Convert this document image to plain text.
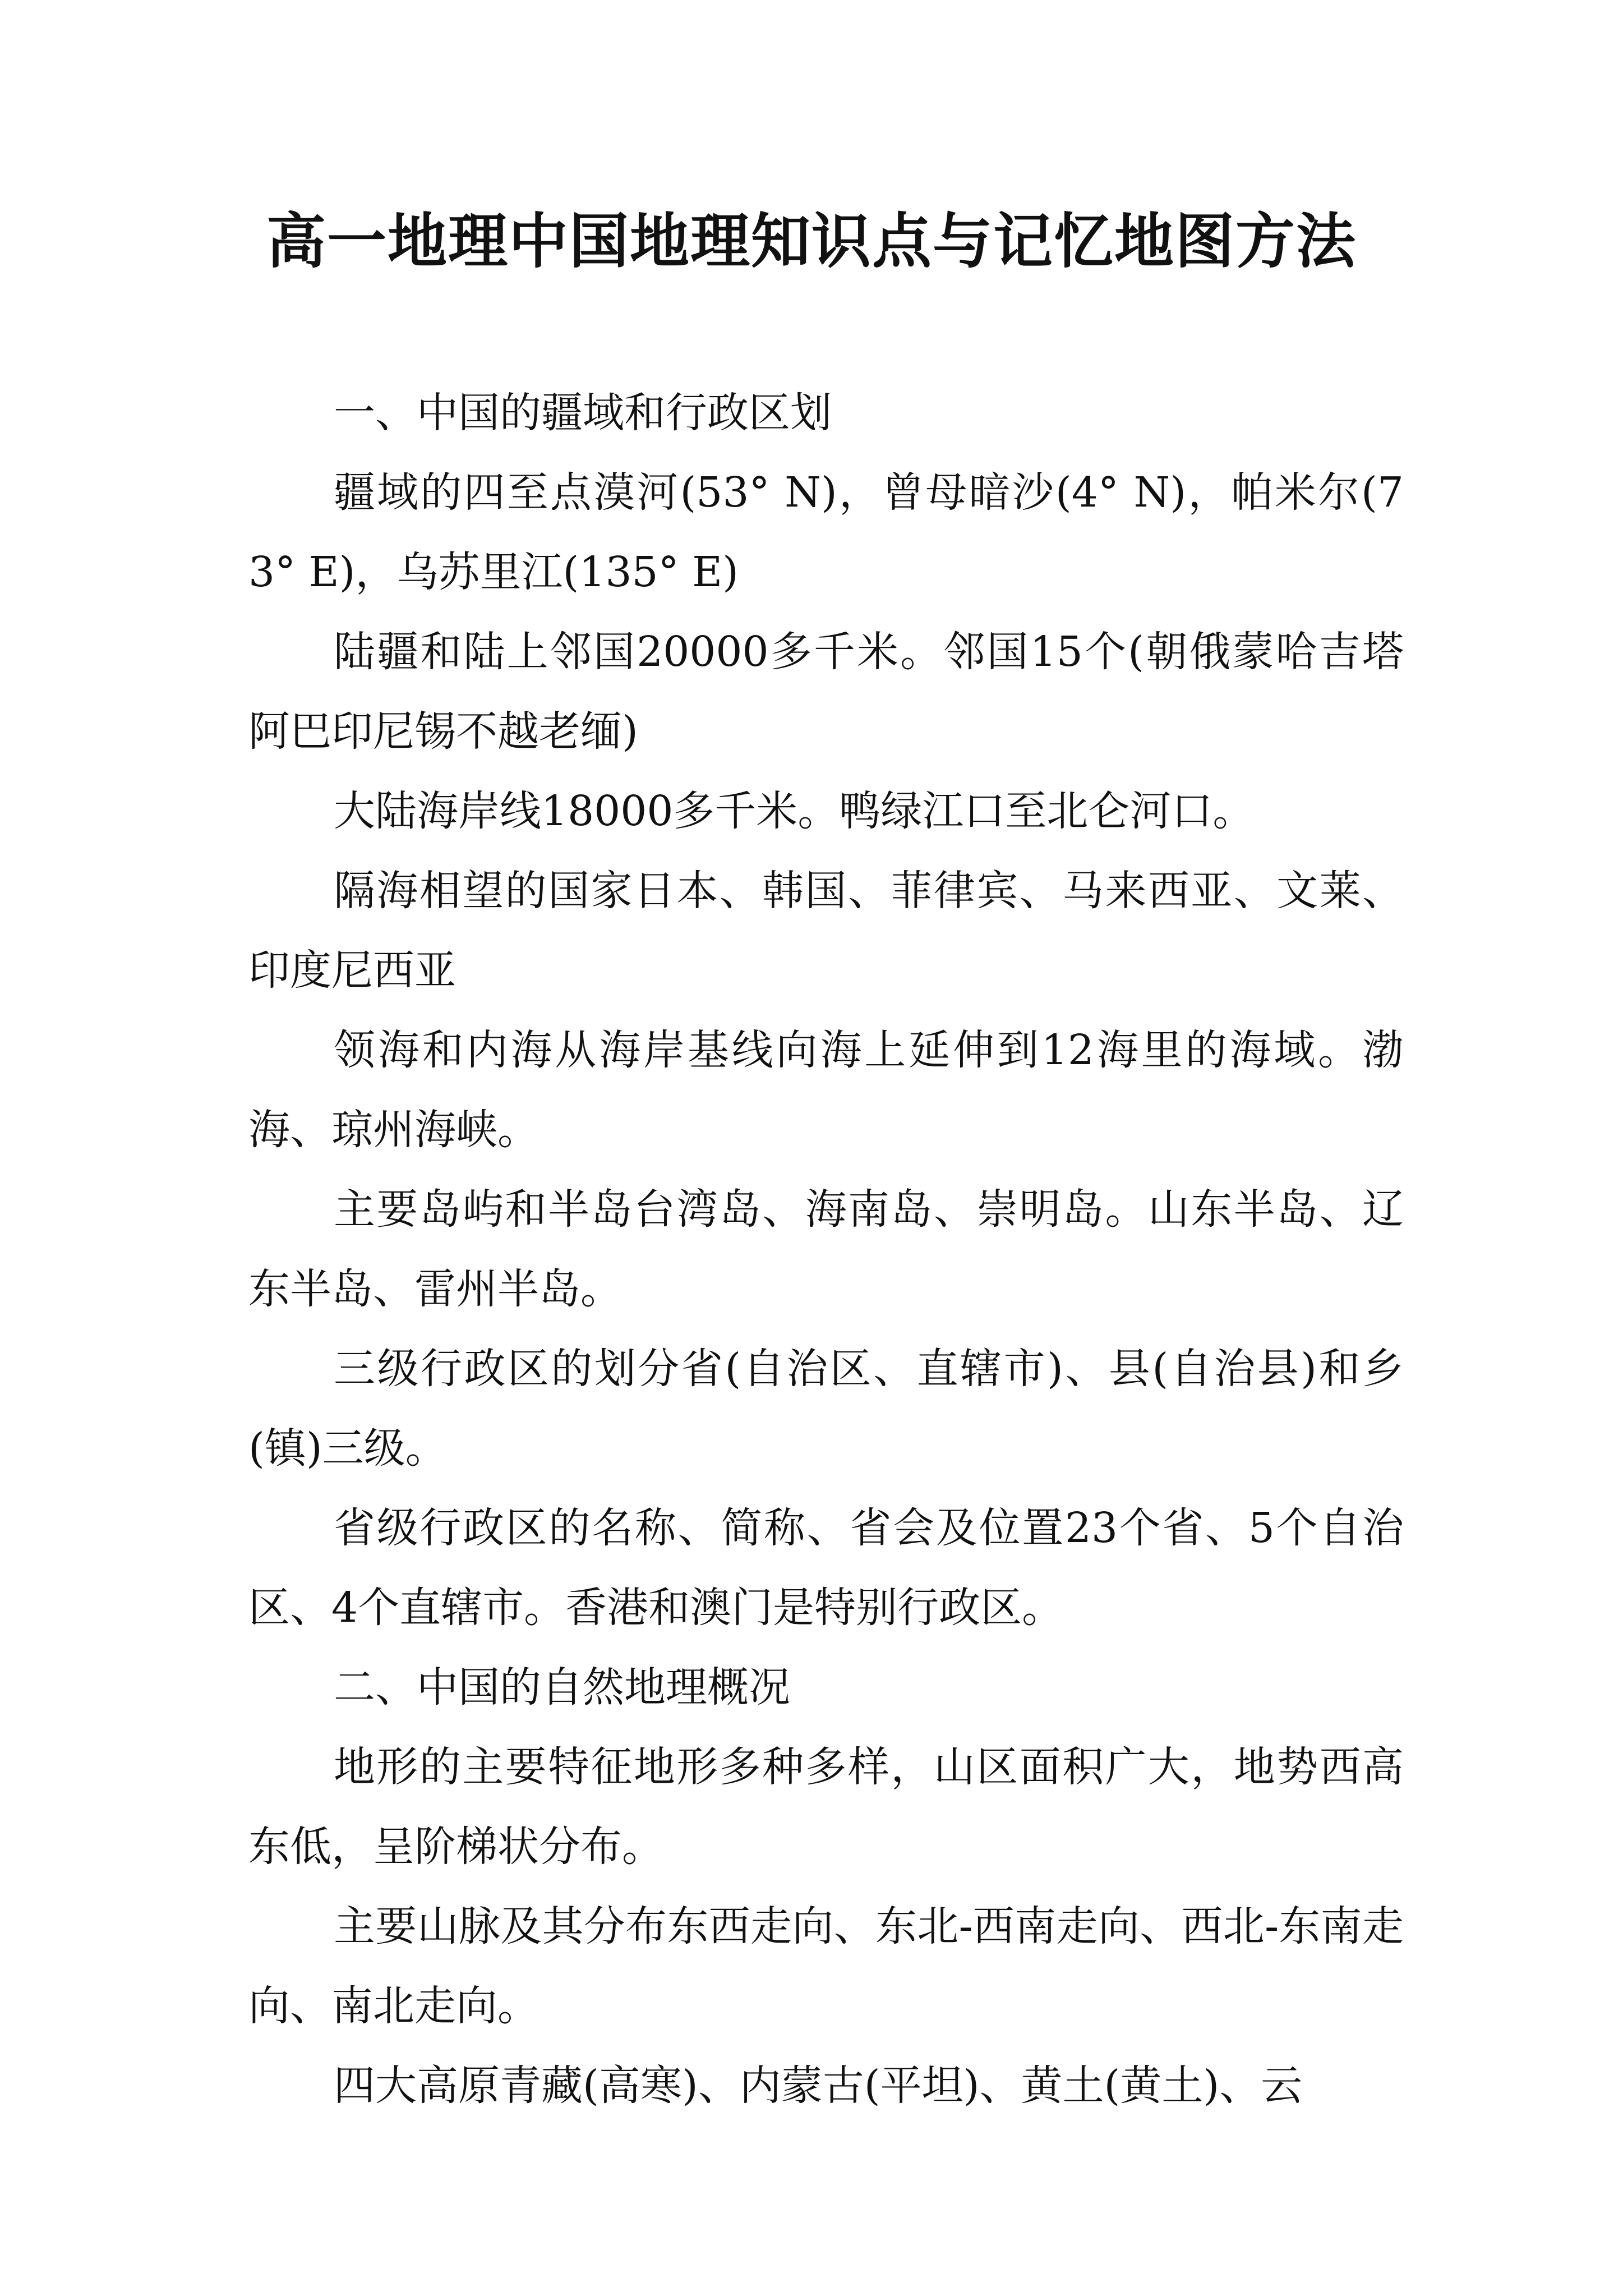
高一地理中国地理知识点与记忆地图方法

一、中国的疆域和行政区划

疆域的四至点漠河(53° N)，曾母暗沙(4° N)，帕米尔(73° E)，乌苏里江(135° E)

陆疆和陆上邻国20000多千米。邻国15个(朝俄蒙哈吉塔阿巴印尼锡不越老缅)

大陆海岸线18000多千米。鸭绿江口至北仑河口。

隔海相望的国家日本、韩国、菲律宾、马来西亚、文莱、印度尼西亚

领海和内海从海岸基线向海上延伸到12海里的海域。渤海、琼州海峡。

主要岛屿和半岛台湾岛、海南岛、崇明岛。山东半岛、辽东半岛、雷州半岛。

三级行政区的划分省(自治区、直辖市)、县(自治县)和乡(镇)三级。

省级行政区的名称、简称、省会及位置23个省、5个自治区、4个直辖市。香港和澳门是特别行政区。

二、中国的自然地理概况

地形的主要特征地形多种多样，山区面积广大，地势西高东低，呈阶梯状分布。

主要山脉及其分布东西走向、东北-西南走向、西北-东南走向、南北走向。

四大高原青藏(高寒)、内蒙古(平坦)、黄土(黄土)、云
